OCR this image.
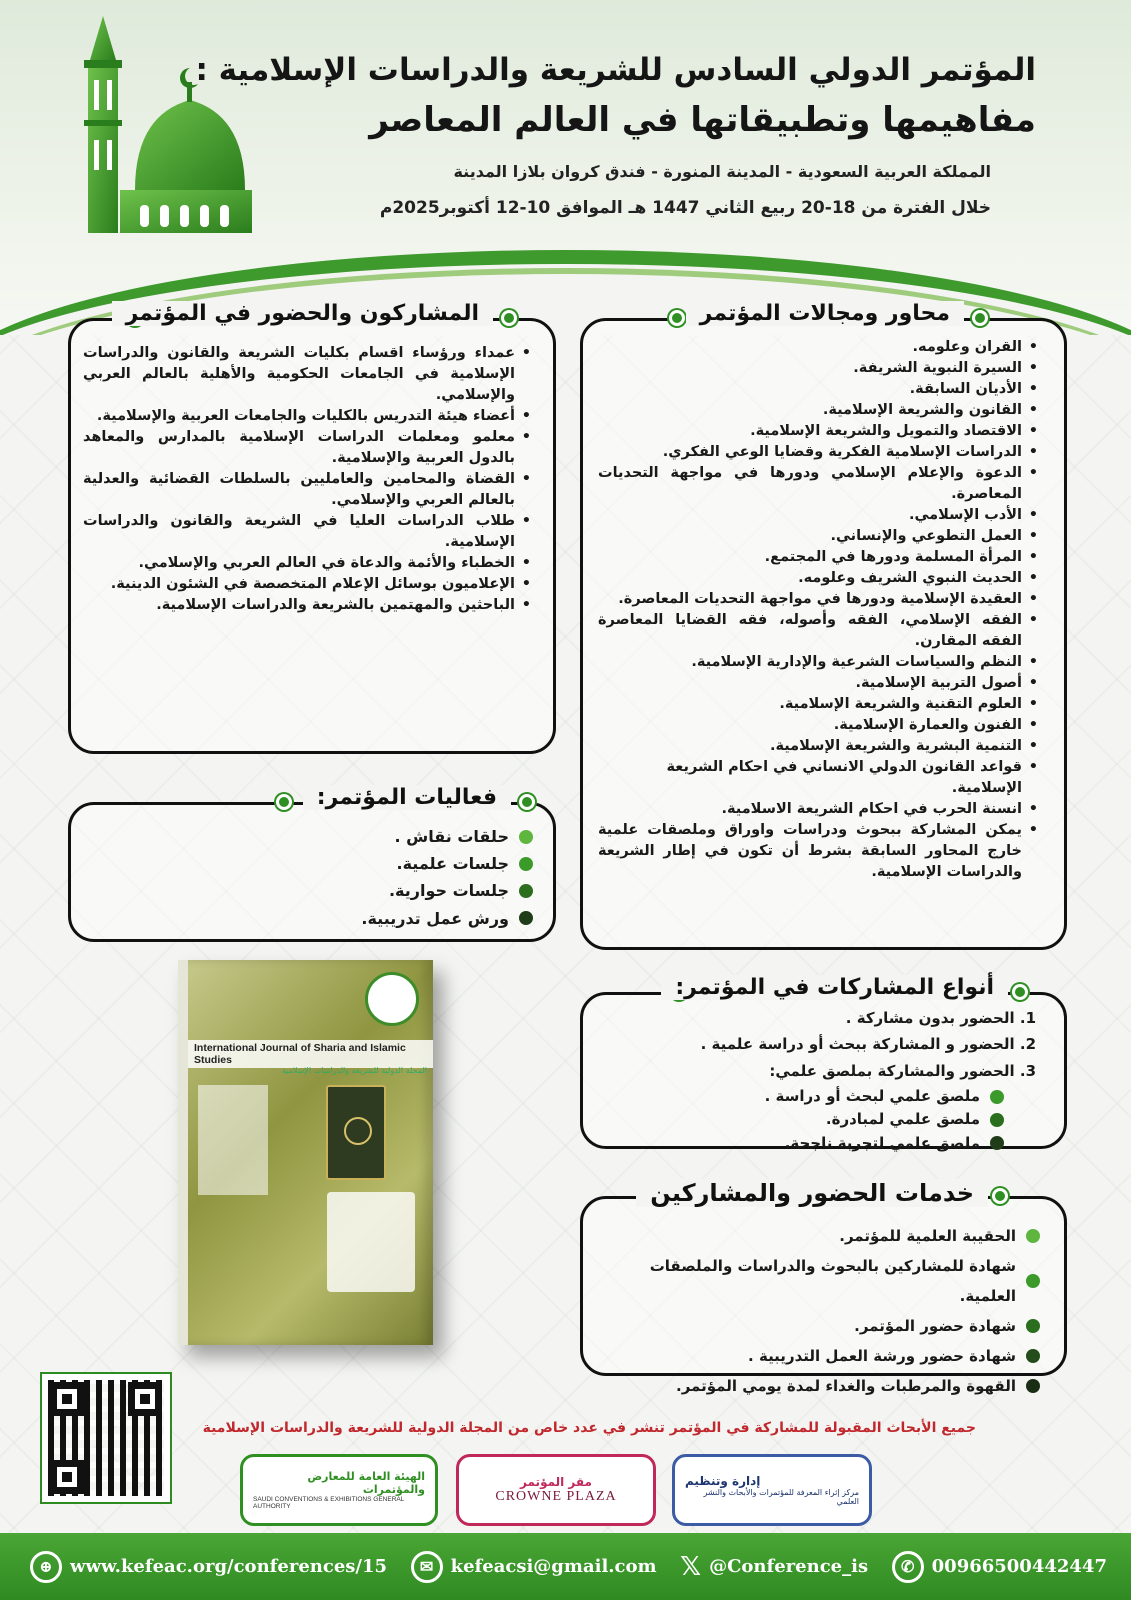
المؤتمر الدولي السادس للشريعة والدراسات الإسلامية :
مفاهيمها وتطبيقاتها في العالم المعاصر
المملكة العربية السعودية - المدينة المنورة - فندق كروان بلازا المدينة
خلال الفترة من 18-20 ربيع الثاني 1447 هـ الموافق 10-12 أكتوبر2025م
محاور ومجالات المؤتمر
• القران وعلومه.
• السيرة النبوية الشريفة.
• الأديان السابقة.
• القانون والشريعة الإسلامية.
• الاقتصاد والتمويل والشريعة الإسلامية.
• الدراسات الإسلامية الفكرية وقضايا الوعي الفكري.
• الدعوة والإعلام الإسلامي ودورها في مواجهة التحديات المعاصرة.
• الأدب الإسلامي.
• العمل التطوعي والإنساني.
• المرأة المسلمة ودورها في المجتمع.
• الحديث النبوي الشريف وعلومه.
• العقيدة الإسلامية ودورها في مواجهة التحديات المعاصرة.
• الفقه الإسلامي، الفقه وأصوله، فقه القضايا المعاصرة الفقه المقارن.
• النظم والسياسات الشرعية والإدارية الإسلامية.
• أصول التربية الإسلامية.
• العلوم التقنية والشريعة الإسلامية.
• الفنون والعمارة الإسلامية.
• التنمية البشرية والشريعة الإسلامية.
• قواعد القانون الدولي الانساني في احكام الشريعة الإسلامية.
• انسنة الحرب في احكام الشريعة الاسلامية.
• يمكن المشاركة ببحوث ودراسات واوراق وملصقات علمية خارج المحاور السابقة بشرط أن تكون في إطار الشريعة والدراسات الإسلامية.
المشاركون والحضور في المؤتمر
• عمداء ورؤساء اقسام بكليات الشريعة والقانون والدراسات الإسلامية في الجامعات الحكومية والأهلية بالعالم العربي والإسلامي.
• أعضاء هيئة التدريس بالكليات والجامعات العربية والإسلامية.
• معلمو ومعلمات الدراسات الإسلامية بالمدارس والمعاهد بالدول العربية والإسلامية.
• القضاة والمحامين والعامليين بالسلطات القضائية والعدلية بالعالم العربي والإسلامي.
• طلاب الدراسات العليا في الشريعة والقانون والدراسات الإسلامية.
• الخطباء والأئمة والدعاة في العالم العربي والإسلامي.
• الإعلاميون بوسائل الإعلام المتخصصة في الشئون الدينية.
• الباحثين والمهتمين بالشريعة والدراسات الإسلامية.
فعاليات المؤتمر:
حلقات نقاش .
جلسات علمية.
جلسات حوارية.
ورش عمل تدريبية.
أنواع المشاركات في المؤتمر:
1. الحضور بدون مشاركة .
2. الحضور و المشاركة ببحث أو دراسة علمية .
3. الحضور والمشاركة بملصق علمي:
ملصق علمي لبحث أو دراسة .
ملصق علمي لمبادرة.
ملصق علمي لتجربة ناجحة.
خدمات الحضور والمشاركين
الحقيبة العلمية للمؤتمر.
شهادة للمشاركين بالبحوث والدراسات والملصقات العلمية.
شهادة حضور المؤتمر.
شهادة حضور ورشة العمل التدريبية .
القهوة والمرطبات والغداء لمدة يومي المؤتمر.
International Journal of Sharia and Islamic Studies
المجلة الدولية للشريعة والدراسات الإسلامية
جميع الأبحاث المقبولة للمشاركة في المؤتمر تنشر في عدد خاص من المجلة الدولية للشريعة والدراسات الإسلامية
الهيئة العامة للمعارض والمؤتمرات
SAUDI CONVENTIONS & EXHIBITIONS GENERAL AUTHORITY
مقر المؤتمر
CROWNE PLAZA
إدارة وتنظيم
مركز إثراء المعرفة للمؤتمرات والأبحاث والنشر العلمي
⊕ www.kefeac.org/conferences/15	✉ kefeacsi@gmail.com 𝕏 @Conference_is	✆ 00966500442447
